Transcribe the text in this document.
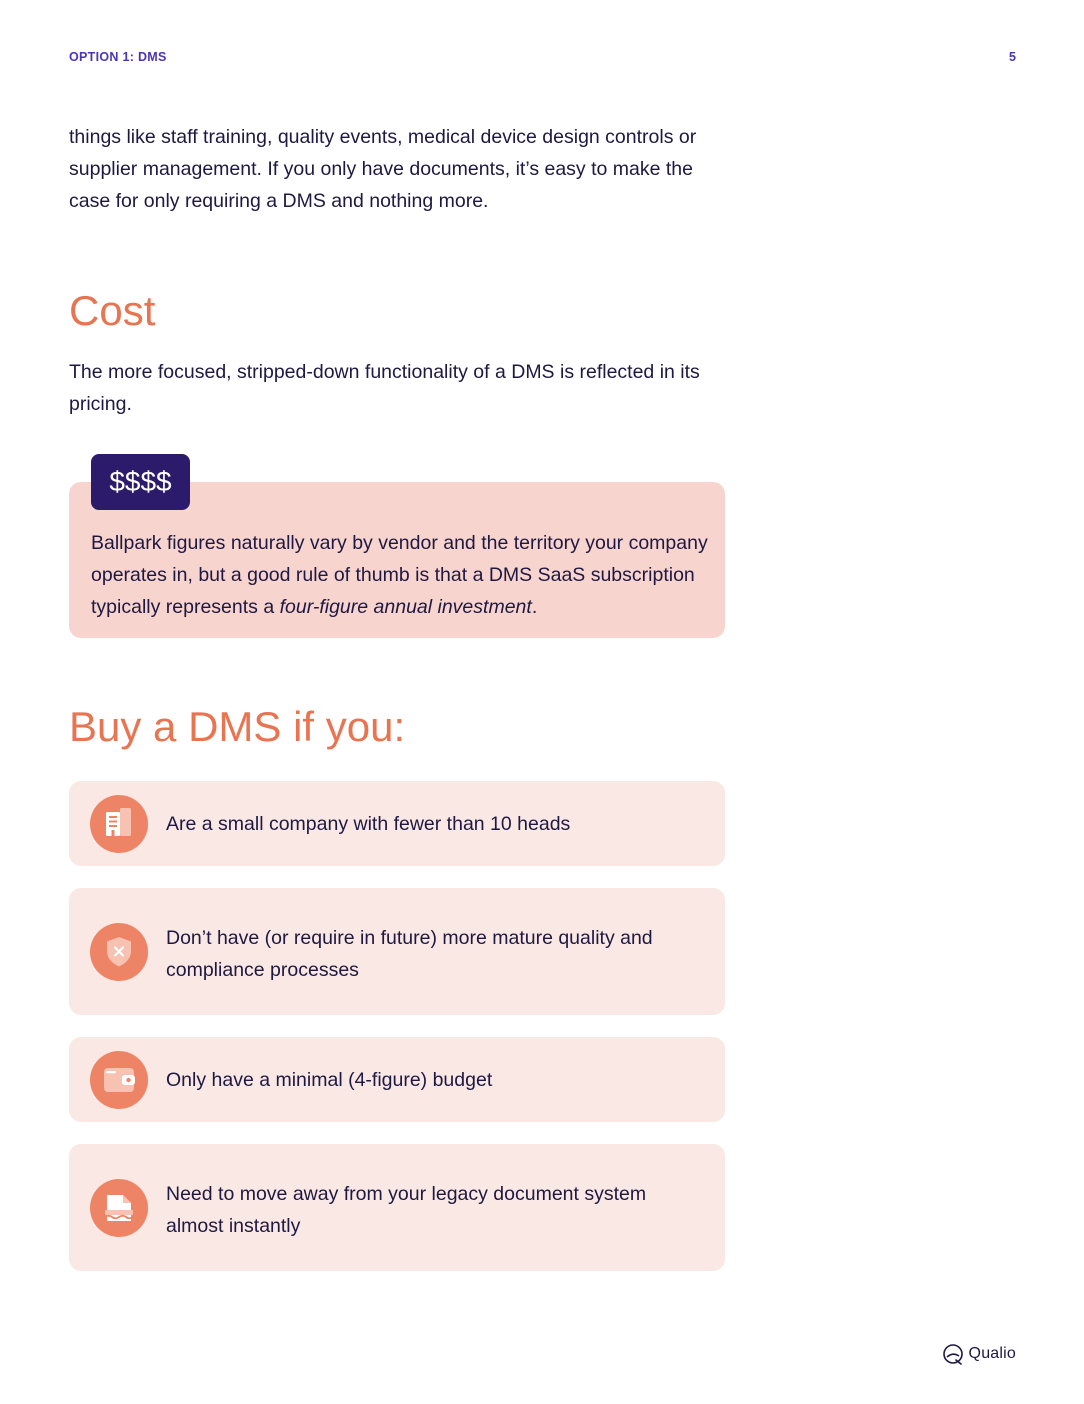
OPTION 1: DMS	5

things like staff training, quality events, medical device design controls or supplier management. If you only have documents, it’s easy to make the case for only requiring a DMS and nothing more.

Cost

The more focused, stripped-down functionality of a DMS is reflected in its pricing.

$$$$

Ballpark figures naturally vary by vendor and the territory your company operates in, but a good rule of thumb is that a DMS SaaS subscription typically represents a four-figure annual investment.

Buy a DMS if you:

Are a small company with fewer than 10 heads

Don’t have (or require in future) more mature quality and compliance processes

Only have a minimal (4-figure) budget

Need to move away from your legacy document system almost instantly

Qualio
